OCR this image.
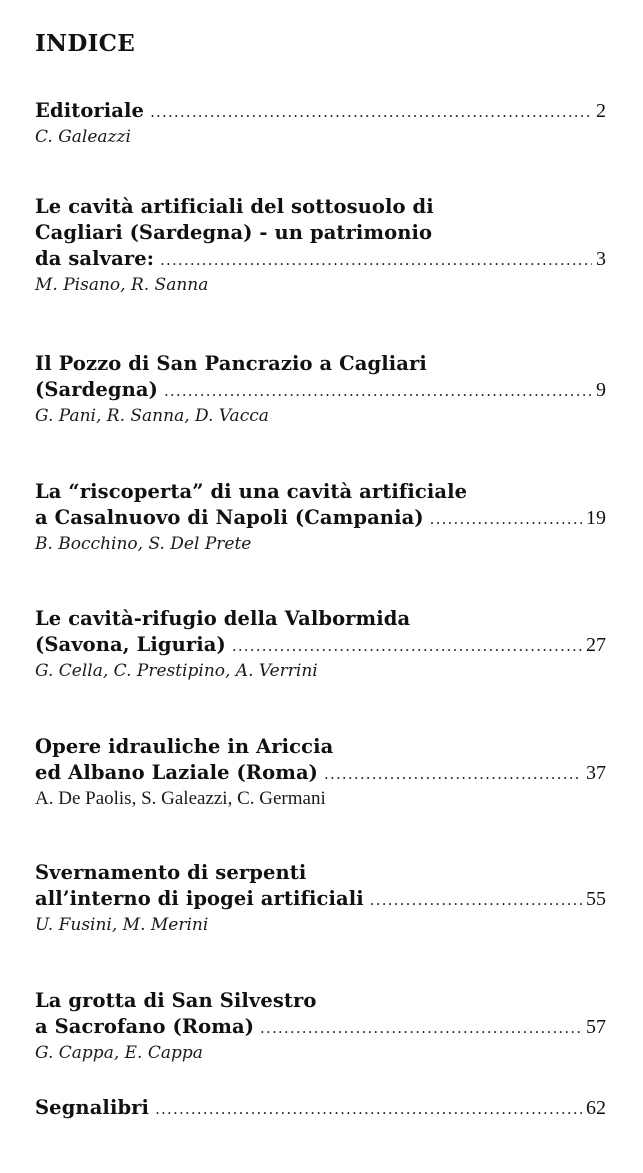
INDICE
Editoriale .....	2
C. Galeazzi
Le cavità artificiali del sottosuolo di
Cagliari (Sardegna) - un patrimonio
da salvare: .....	3
M. Pisano, R. Sanna
Il Pozzo di San Pancrazio a Cagliari
(Sardegna) .....	9
G. Pani, R. Sanna, D. Vacca
La “riscoperta” di una cavità artificiale
a Casalnuovo di Napoli (Campania) .....	19
B. Bocchino, S. Del Prete
Le cavità-rifugio della Valbormida
(Savona, Liguria) .....	27
G. Cella, C. Prestipino, A. Verrini
Opere idrauliche in Ariccia
ed Albano Laziale (Roma) .....	37
A. De Paolis, S. Galeazzi, C. Germani
Svernamento di serpenti
all’interno di ipogei artificiali .....	55
U. Fusini, M. Merini
La grotta di San Silvestro
a Sacrofano (Roma) .....	57
G. Cappa, E. Cappa
Segnalibri .....	62
